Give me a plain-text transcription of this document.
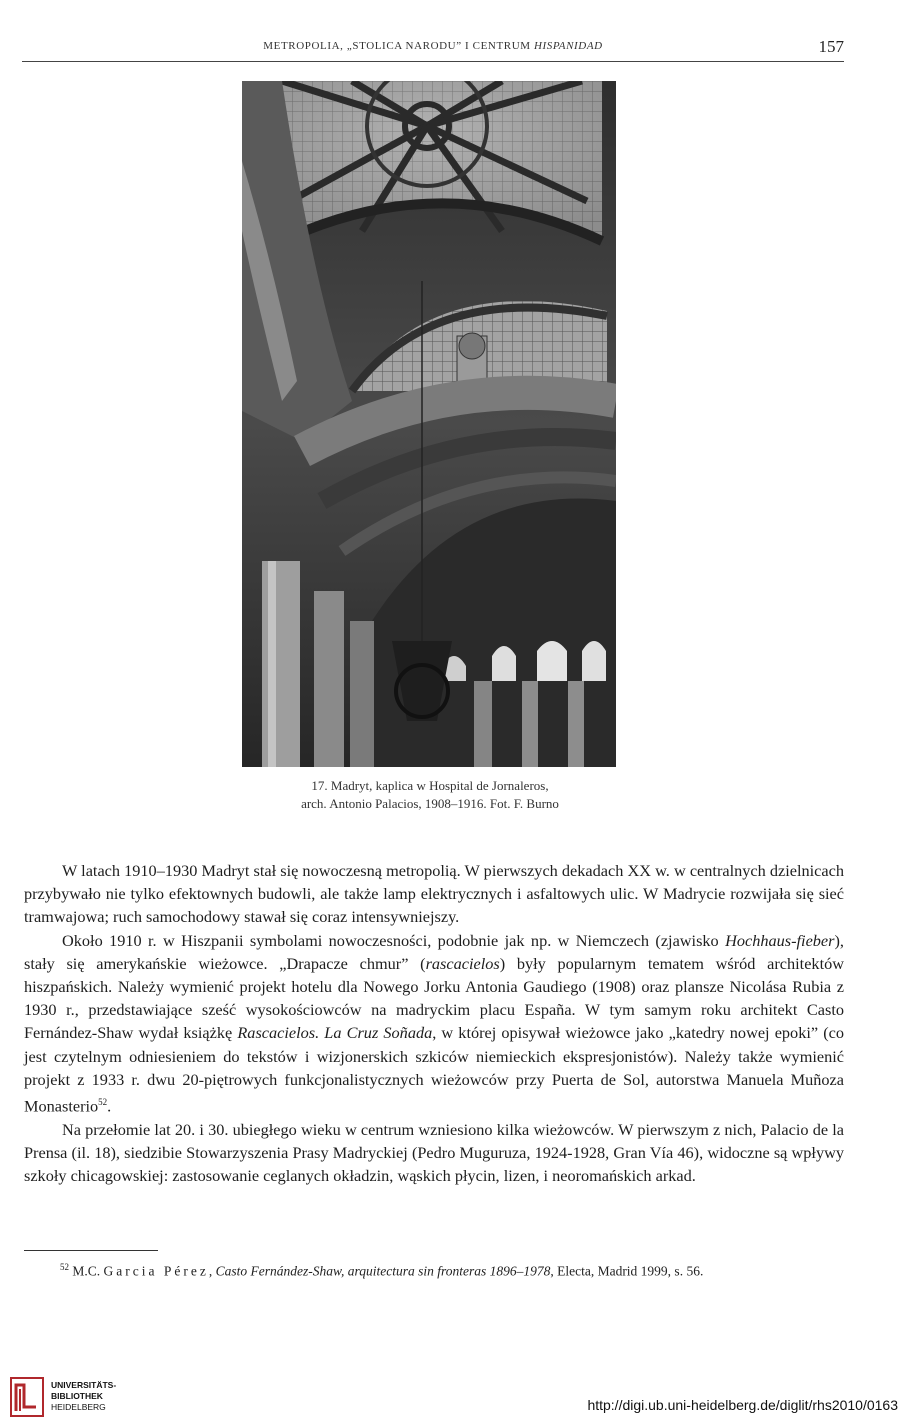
METROPOLIA, „STOLICA NARODU” I CENTRUM HISPANIDAD	157
17. Madryt, kaplica w Hospital de Jornaleros,
arch. Antonio Palacios, 1908–1916. Fot. F. Burno

W latach 1910–1930 Madryt stał się nowoczesną metropolią. W pierwszych dekadach XX w. w centralnych dzielnicach przybywało nie tylko efektownych budowli, ale także lamp elektrycznych i asfaltowych ulic. W Madrycie rozwijała się sieć tramwajowa; ruch samochodowy stawał się coraz intensywniejszy.

Około 1910 r. w Hiszpanii symbolami nowoczesności, podobnie jak np. w Niemczech (zjawisko Hochhaus-fieber), stały się amerykańskie wieżowce. „Drapacze chmur” (rascacielos) były popularnym tematem wśród architektów hiszpańskich. Należy wymienić projekt hotelu dla Nowego Jorku Antonia Gaudiego (1908) oraz plansze Nicolása Rubia z 1930 r., przedstawiające sześć wysokościowców na madryckim placu España. W tym samym roku architekt Casto Fernández-Shaw wydał książkę Rascacielos. La Cruz Soñada, w której opisywał wieżowce jako „katedry nowej epoki” (co jest czytelnym odniesieniem do tekstów i wizjonerskich szkiców niemieckich ekspresjonistów). Należy także wymienić projekt z 1933 r. dwu 20-piętrowych funkcjonalistycznych wieżowców przy Puerta de Sol, autorstwa Manuela Muñoza Monasterio$^{52}$.

Na przełomie lat 20. i 30. ubiegłego wieku w centrum wzniesiono kilka wieżowców. W pierwszym z nich, Palacio de la Prensa (il. 18), siedzibie Stowarzyszenia Prasy Madryckiej (Pedro Muguruza, 1924-1928, Gran Vía 46), widoczne są wpływy szkoły chicagowskiej: zastosowanie ceglanych okładzin, wąskich płycin, lizen, i neoromańskich arkad.

$^{52}$ M.C. Garcia Pérez, Casto Fernández-Shaw, arquitectura sin fronteras 1896–1978, Electa, Madrid 1999, s. 56.
UNIVERSITÄTS-
BIBLIOTHEK
HEIDELBERG	http://digi.ub.uni-heidelberg.de/diglit/rhs2010/0163
